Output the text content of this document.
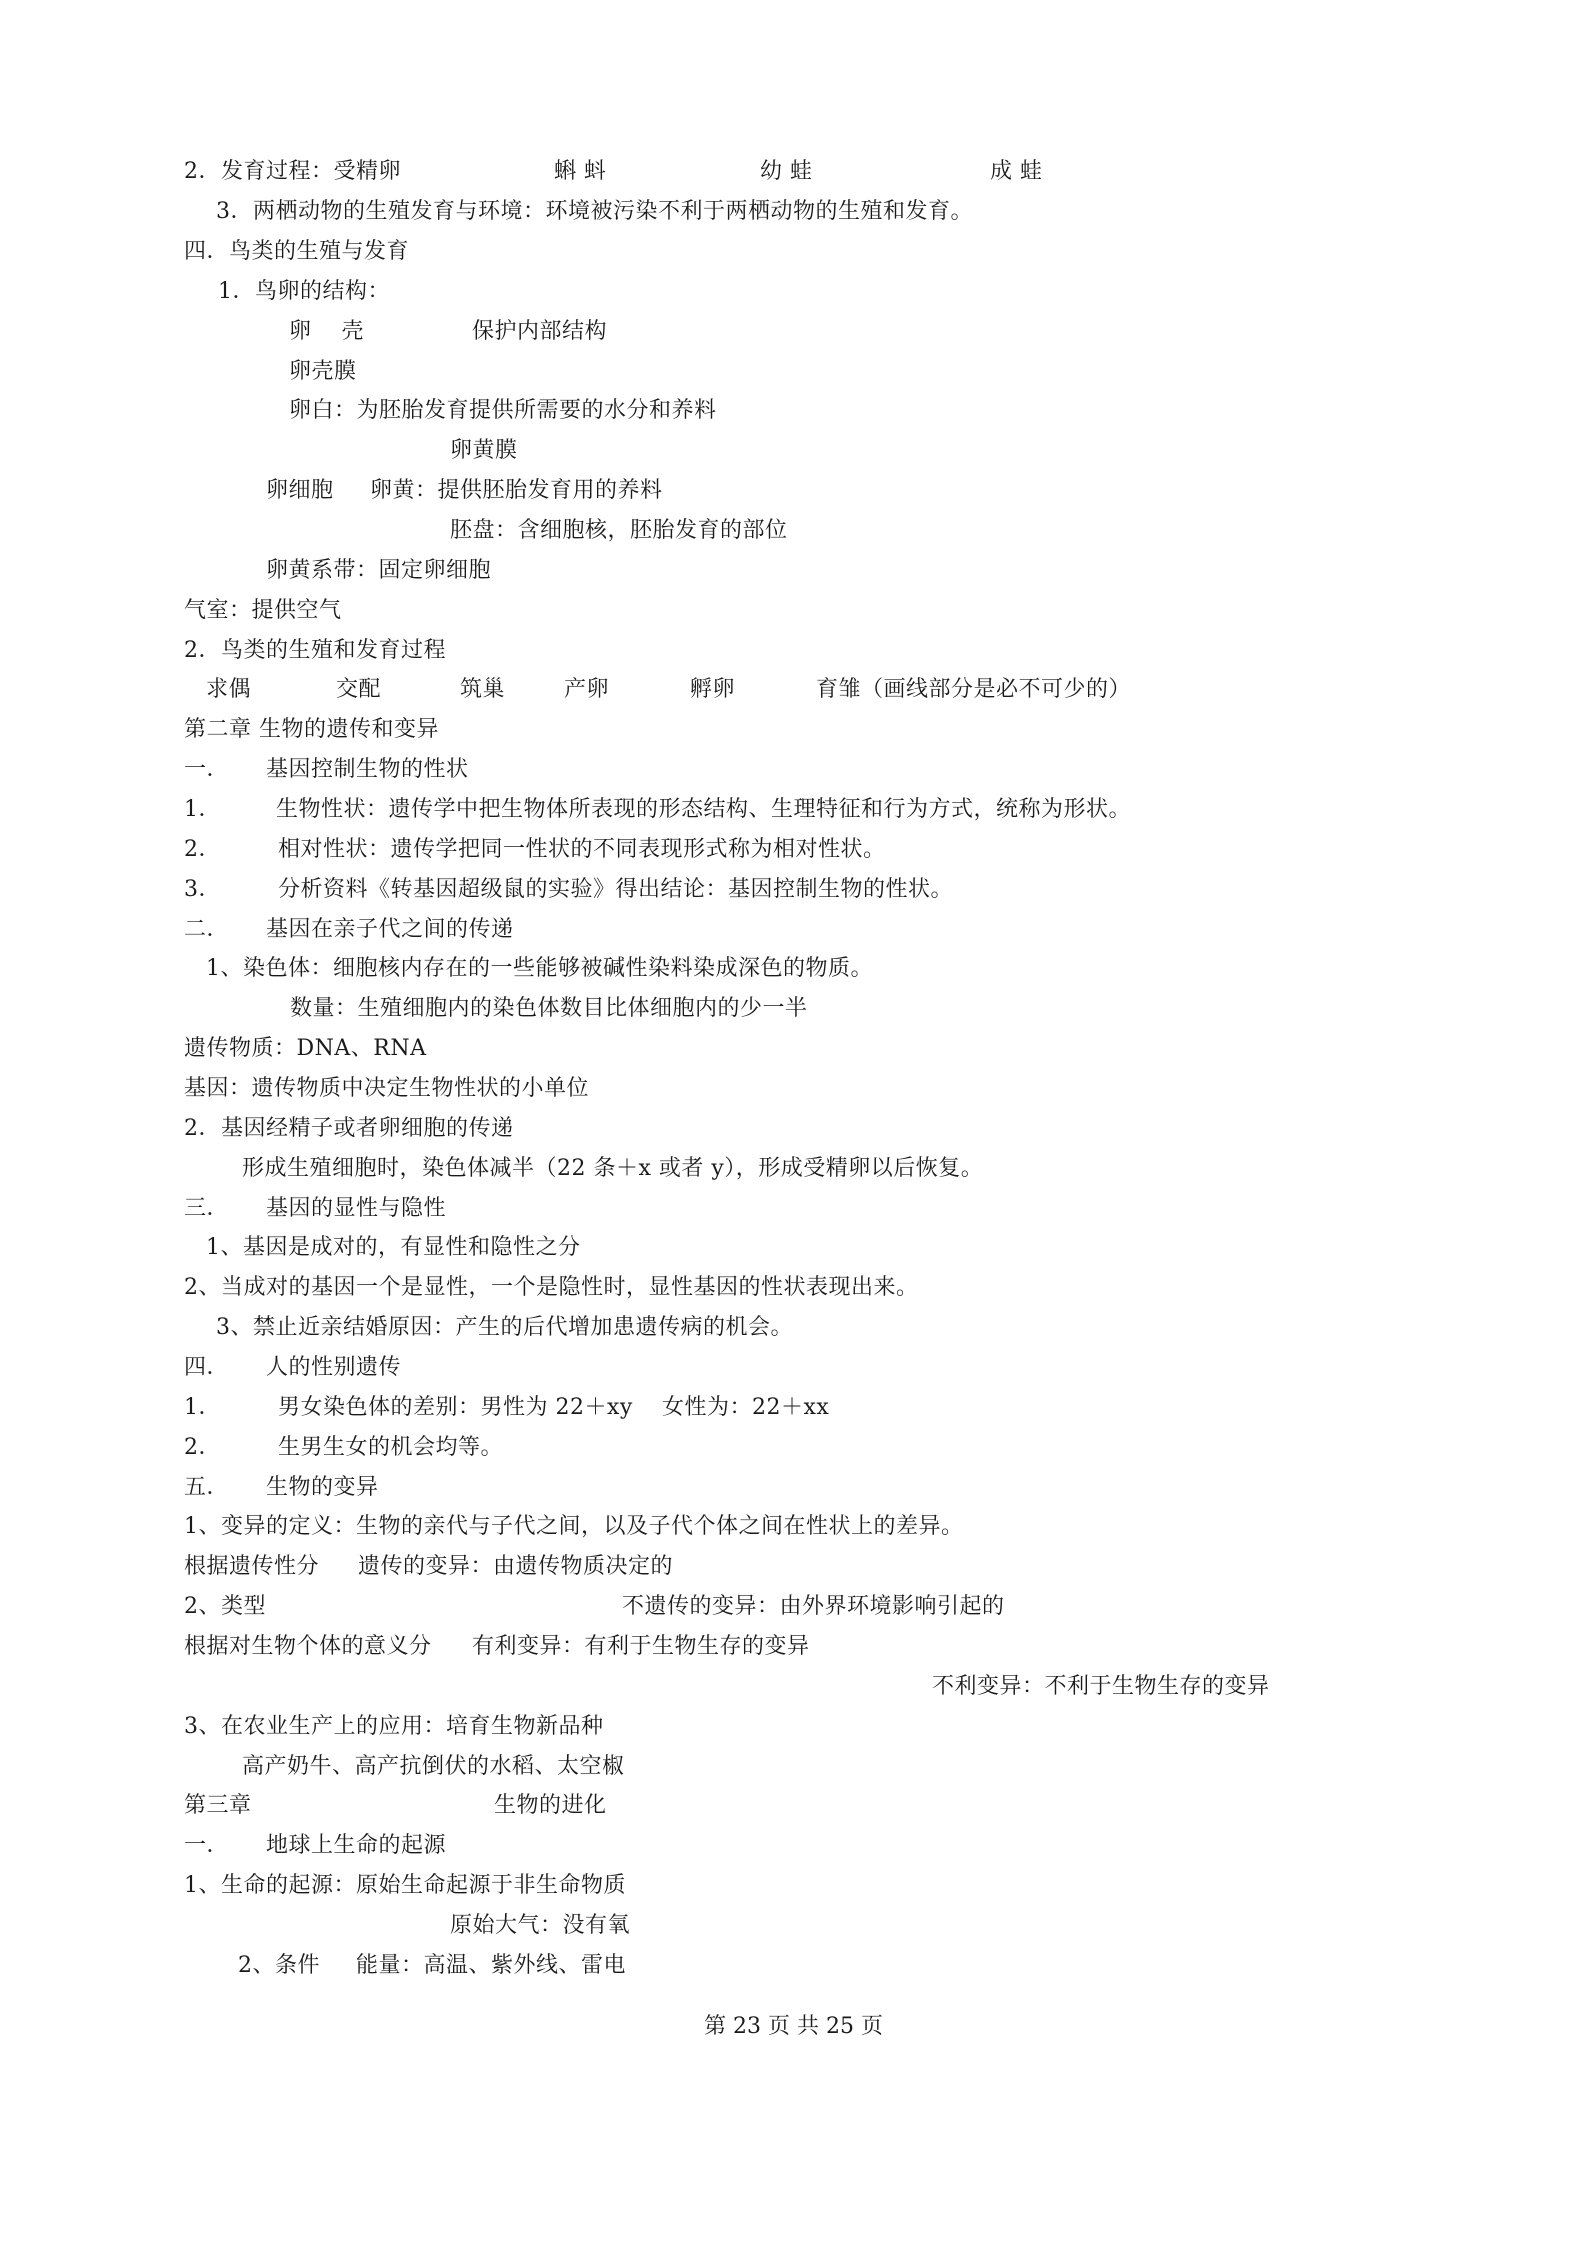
2．发育过程：受精卵	蝌 蚪	幼 蛙	成 蛙
3．两栖动物的生殖发育与环境：环境被污染不利于两栖动物的生殖和发育。
四．鸟类的生殖与发育
1．鸟卵的结构：
卵　 壳	保护内部结构
卵壳膜
卵白：为胚胎发育提供所需要的水分和养料
卵黄膜
卵细胞 卵黄：提供胚胎发育用的养料
胚盘：含细胞核，胚胎发育的部位
卵黄系带：固定卵细胞
气室：提供空气
2．鸟类的生殖和发育过程
求偶	交配	筑巢	产卵	孵卵	育雏（画线部分是必不可少的）
第二章 生物的遗传和变异
一． 基因控制生物的性状
1．	生物性状：遗传学中把生物体所表现的形态结构、生理特征和行为方式，统称为形状。
2．	相对性状：遗传学把同一性状的不同表现形式称为相对性状。
3．	分析资料《转基因超级鼠的实验》得出结论：基因控制生物的性状。
二． 基因在亲子代之间的传递
1、染色体：细胞核内存在的一些能够被碱性染料染成深色的物质。
数量：生殖细胞内的染色体数目比体细胞内的少一半
遗传物质：DNA、RNA
基因：遗传物质中决定生物性状的小单位
2．基因经精子或者卵细胞的传递
形成生殖细胞时，染色体减半（22 条＋x 或者 y），形成受精卵以后恢复。
三． 基因的显性与隐性
1、基因是成对的，有显性和隐性之分
2、当成对的基因一个是显性，一个是隐性时，显性基因的性状表现出来。
3、禁止近亲结婚原因：产生的后代增加患遗传病的机会。
四． 人的性别遗传
1．	男女染色体的差别：男性为 22＋xy 女性为：22＋xx
2．	生男生女的机会均等。
五． 生物的变异
1、变异的定义：生物的亲代与子代之间，以及子代个体之间在性状上的差异。
根据遗传性分 遗传的变异：由遗传物质决定的
2、类型	不遗传的变异：由外界环境影响引起的
根据对生物个体的意义分 有利变异：有利于生物生存的变异
不利变异：不利于生物生存的变异
3、在农业生产上的应用：培育生物新品种
高产奶牛、高产抗倒伏的水稻、太空椒
第三章	生物的进化
一． 地球上生命的起源
1、生命的起源：原始生命起源于非生命物质
原始大气：没有氧
2、条件 能量：高温、紫外线、雷电
第 23 页 共 25 页
